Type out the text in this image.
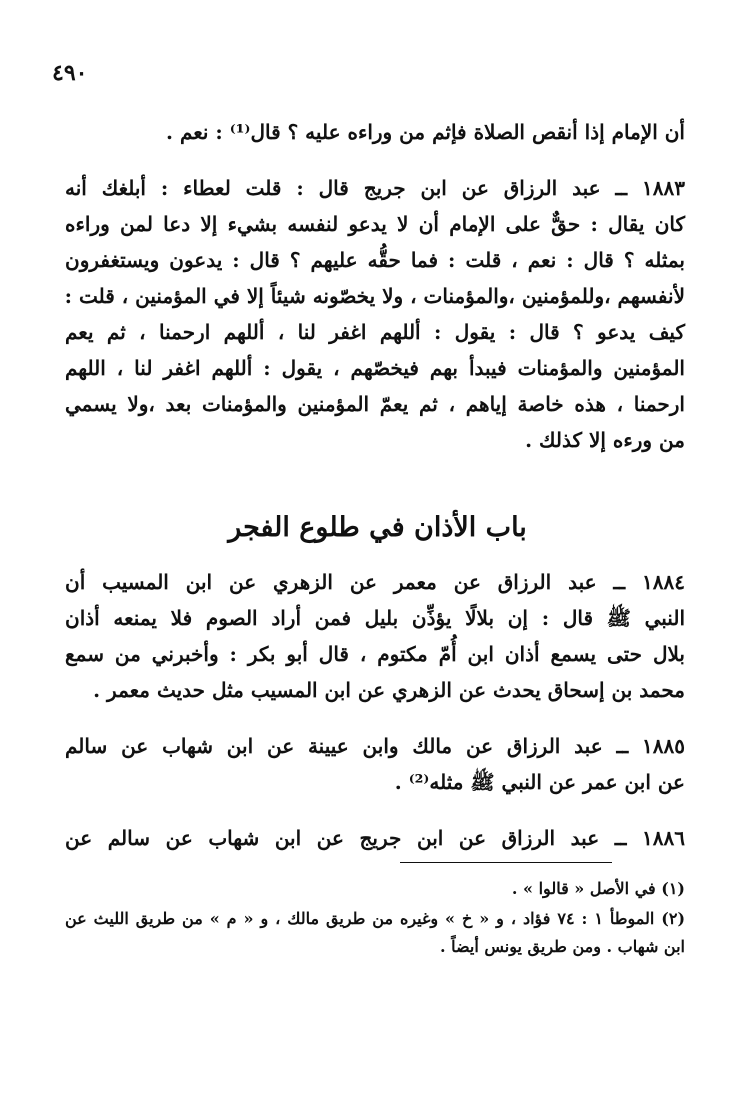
٤٩٠
أن الإمام إذا أنقص الصلاة فإثم من وراءه عليه ؟ قال⁽¹⁾ : نعم .
١٨٨٣ ــ عبد الرزاق عن ابن جريج قال : قلت لعطاء : أبلغك أنه
كان يقال : حقٌّ على الإمام أن لا يدعو لنفسه بشيء إلا دعا لمن وراءه
بمثله ؟ قال : نعم ، قلت : فما حقُّه عليهم ؟ قال : يدعون ويستغفرون
لأنفسهم ،وللمؤمنين ،والمؤمنات ، ولا يخصّونه شيئاً إلا في المؤمنين ، قلت :
كيف يدعو ؟ قال : يقول : أللهم اغفر لنا ، أللهم ارحمنا ، ثم يعم
المؤمنين والمؤمنات فيبدأ بهم فيخصّهم ، يقول : أللهم اغفر لنا ، اللهم
ارحمنا ، هذه خاصة إياهم ، ثم يعمّ المؤمنين والمؤمنات بعد ،ولا يسمي
من ورءه إلا كذلك .
باب الأذان في طلوع الفجر
١٨٨٤ ــ عبد الرزاق عن معمر عن الزهري عن ابن المسيب أن
النبي ﷺ قال : إن بلالًا يؤذِّن بليل فمن أراد الصوم فلا يمنعه أذان
بلال حتى يسمع أذان ابن أُمّ مكتوم ، قال أبو بكر : وأخبرني من سمع
محمد بن إسحاق يحدث عن الزهري عن ابن المسيب مثل حديث معمر .
١٨٨٥ ــ عبد الرزاق عن مالك وابن عيينة عن ابن شهاب عن سالم
عن ابن عمر عن النبي ﷺ مثله⁽²⁾ .
١٨٨٦ ــ عبد الرزاق عن ابن جريج عن ابن شهاب عن سالم عن
(١) في الأصل « قالوا » .
(٢) الموطأ ١ : ٧٤ فؤاد ، و « خ » وغيره من طريق مالك ، و « م » من طريق الليث عن
ابن شهاب . ومن طريق يونس أيضاً .
